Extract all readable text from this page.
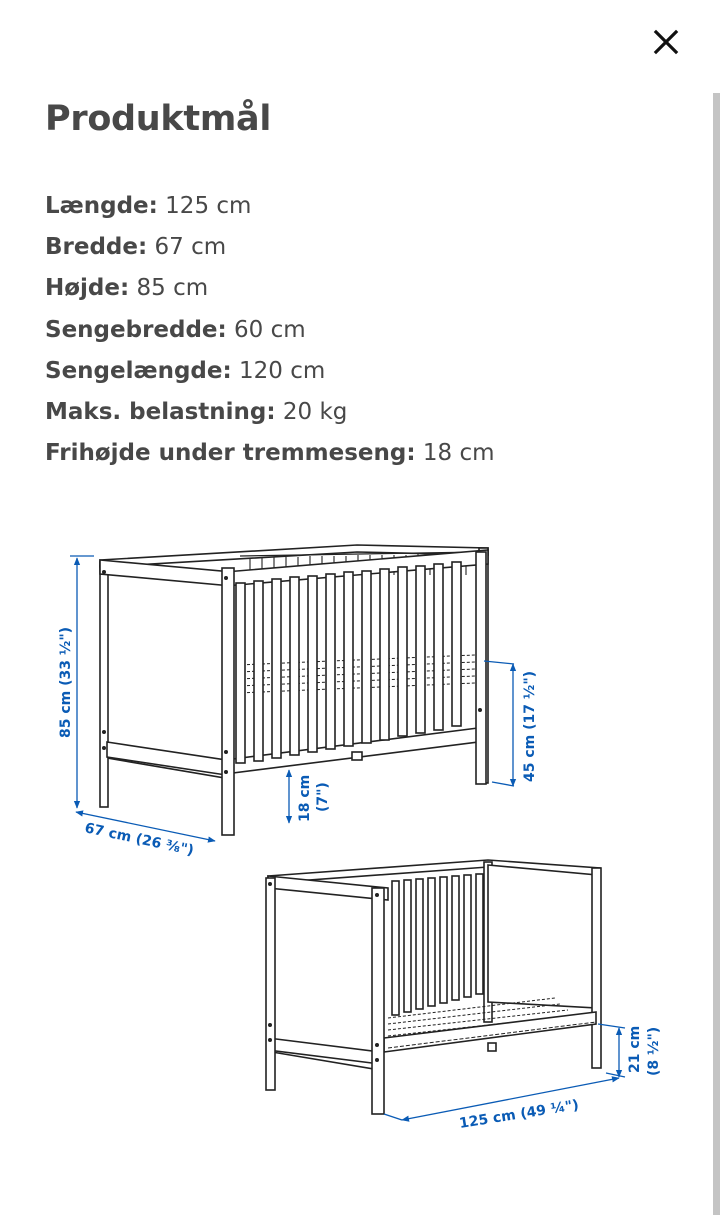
Produktmål
Længde: 125 cm
Bredde: 67 cm
Højde: 85 cm
Sengebredde: 60 cm
Sengelængde: 120 cm
Maks. belastning: 20 kg
Frihøjde under tremmeseng: 18 cm
85 cm (33 ½")
67 cm (26 ⅜")
18 cm (7")
45 cm (17 ½")
21 cm (8 ½")
125 cm (49 ¼")
